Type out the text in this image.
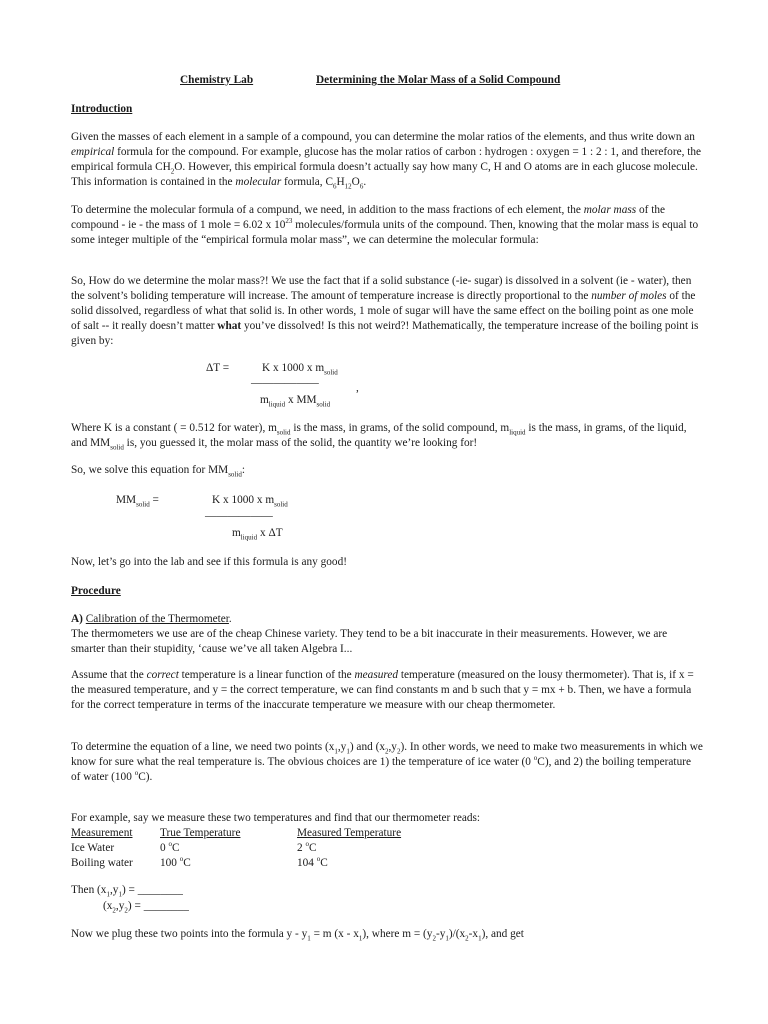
Chemistry Lab	Determining the Molar Mass of a Solid Compound
Introduction

Given the masses of each element in a sample of a compound, you can determine the molar ratios of the elements, and thus write down an empirical formula for the compound. For example, glucose has the molar ratios of carbon : hydrogen : oxygen = 1 : 2 : 1, and therefore, the empirical formula $CH_2O$. However, this empirical formula doesn’t actually say how many C, H and O atoms are in each glucose molecule. This information is contained in the molecular formula, $C_6H_{12}O_6$.

To determine the molecular formula of a compund, we need, in addition to the mass fractions of ech element, the molar mass of the compound - ie - the mass of 1 mole = 6.02 x $10^{23}$ molecules/formula units of the compound. Then, knowing that the molar mass is equal to some integer multiple of the “empirical formula molar mass”, we can determine the molecular formula:

So, How do we determine the molar mass?! We use the fact that if a solid substance (-ie- sugar) is dissolved in a solvent (ie - water), then the solvent’s boliding temperature will increase. The amount of temperature increase is directly proportional to the number of moles of the solid dissolved, regardless of what that solid is. In other words, 1 mole of sugar will have the same effect on the boiling point as one mole of salt -- it really doesn’t matter what you’ve dissolved! Is this not weird?! Mathematically, the temperature increase of the boiling point is given by:

ΔT =	K x 1000 x $m_{solid}$
——————	,
$m_{liquid}$ x $MM_{solid}$

Where K is a constant ( = 0.512 for water), $m_{solid}$ is the mass, in grams, of the solid compound, $m_{liquid}$ is the mass, in grams, of the liquid, and $MM_{solid}$ is, you guessed it, the molar mass of the solid, the quantity we’re looking for!

So, we solve this equation for $MM_{solid}$:

$MM_{solid}$ =	K x 1000 x $m_{solid}$
——————
$m_{liquid}$ x ΔT

Now, let’s go into the lab and see if this formula is any good!

Procedure

A) Calibration of the Thermometer.
The thermometers we use are of the cheap Chinese variety. They tend to be a bit inaccurate in their measurements. However, we are smarter than their stupidity, ‘cause we’ve all taken Algebra I...

Assume that the correct temperature is a linear function of the measured temperature (measured on the lousy thermometer). That is, if x = the measured temperature, and y = the correct temperature, we can find constants m and b such that y = mx + b. Then, we have a formula for the correct temperature in terms of the inaccurate temperature we measure with our cheap thermometer.

To determine the equation of a line, we need two points $(x_1,y_1)$ and $(x_2,y_2)$. In other words, we need to make two measurements in which we know for sure what the real temperature is. The obvious choices are 1) the temperature of ice water (0 $^o$C), and 2) the boiling temperature of water (100 $^o$C).

For example, say we measure these two temperatures and find that our thermometer reads:

Measurement	True Temperature	Measured Temperature
Ice Water	0 $^o$C	2 $^o$C
Boiling water	100 $^o$C	104 $^o$C
Then $(x_1,y_1)$ = ________
$(x_2,y_2)$ = ________
Now we plug these two points into the formula $y - y_1 = m$ $(x - x_1)$, where $m = (y_2-y_1)/(x_2-x_1)$, and get
